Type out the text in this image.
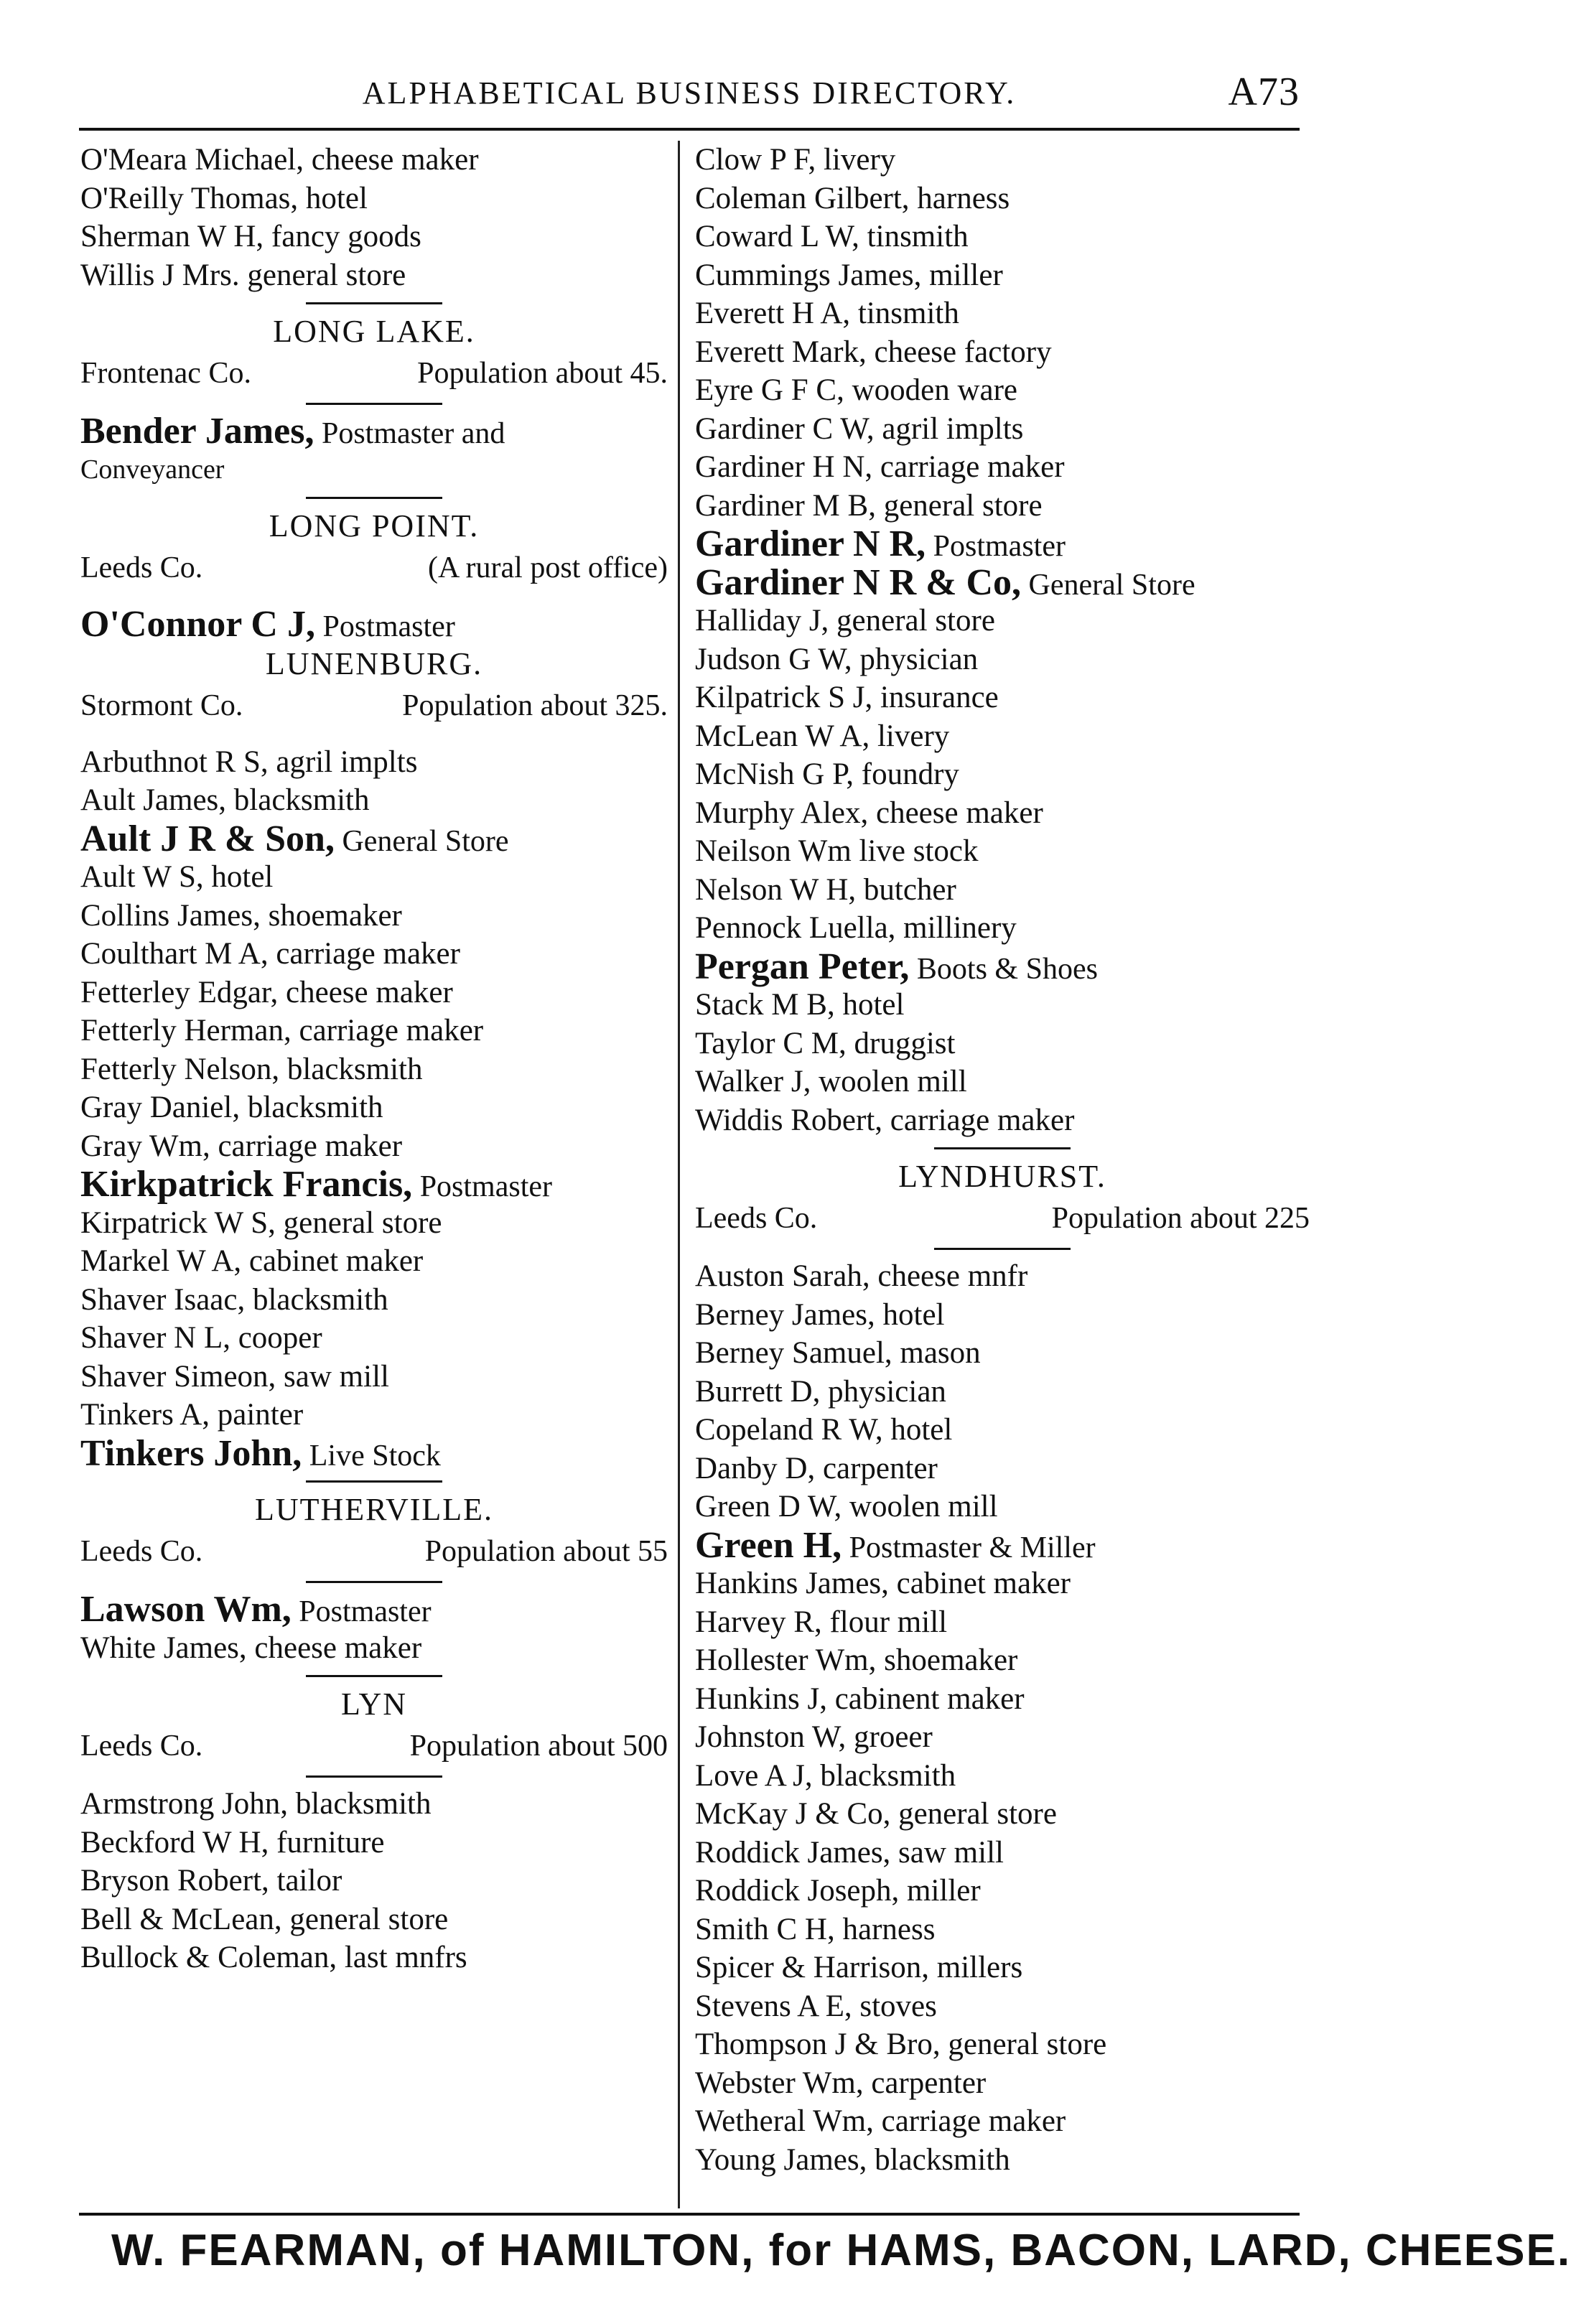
ALPHABETICAL BUSINESS DIRECTORY.	A73
O'Meara Michael, cheese maker
O'Reilly Thomas, hotel
Sherman W H, fancy goods
Willis J Mrs. general store
LONG LAKE.
Frontenac Co.	Population about 45.
Bender James, Postmaster and
Conveyancer
LONG POINT.
Leeds Co.	(A rural post office)
O'Connor C J, Postmaster
LUNENBURG.
Stormont Co.	Population about 325.
Arbuthnot R S, agril implts
Ault James, blacksmith
Ault J R & Son, General Store
Ault W S, hotel
Collins James, shoemaker
Coulthart M A, carriage maker
Fetterley Edgar, cheese maker
Fetterly Herman, carriage maker
Fetterly Nelson, blacksmith
Gray Daniel, blacksmith
Gray Wm, carriage maker
Kirkpatrick Francis, Postmaster
Kirpatrick W S, general store
Markel W A, cabinet maker
Shaver Isaac, blacksmith
Shaver N L, cooper
Shaver Simeon, saw mill
Tinkers A, painter
Tinkers John, Live Stock
LUTHERVILLE.
Leeds Co.	Population about 55
Lawson Wm, Postmaster
White James, cheese maker
LYN
Leeds Co.	Population about 500
Armstrong John, blacksmith
Beckford W H, furniture
Bryson Robert, tailor
Bell & McLean, general store
Bullock & Coleman, last mnfrs
Clow P F, livery
Coleman Gilbert, harness
Coward L W, tinsmith
Cummings James, miller
Everett H A, tinsmith
Everett Mark, cheese factory
Eyre G F C, wooden ware
Gardiner C W, agril implts
Gardiner H N, carriage maker
Gardiner M B, general store
Gardiner N R, Postmaster
Gardiner N R & Co, General Store
Halliday J, general store
Judson G W, physician
Kilpatrick S J, insurance
McLean W A, livery
McNish G P, foundry
Murphy Alex, cheese maker
Neilson Wm live stock
Nelson W H, butcher
Pennock Luella, millinery
Pergan Peter, Boots & Shoes
Stack M B, hotel
Taylor C M, druggist
Walker J, woolen mill
Widdis Robert, carriage maker
LYNDHURST.
Leeds Co.	Population about 225
Auston Sarah, cheese mnfr
Berney James, hotel
Berney Samuel, mason
Burrett D, physician
Copeland R W, hotel
Danby D, carpenter
Green D W, woolen mill
Green H, Postmaster & Miller
Hankins James, cabinet maker
Harvey R, flour mill
Hollester Wm, shoemaker
Hunkins J, cabinent maker
Johnston W, groeer
Love A J, blacksmith
McKay J & Co, general store
Roddick James, saw mill
Roddick Joseph, miller
Smith C H, harness
Spicer & Harrison, millers
Stevens A E, stoves
Thompson J & Bro, general store
Webster Wm, carpenter
Wetheral Wm, carriage maker
Young James, blacksmith
W. FEARMAN, of HAMILTON, for HAMS, BACON, LARD, CHEESE.
